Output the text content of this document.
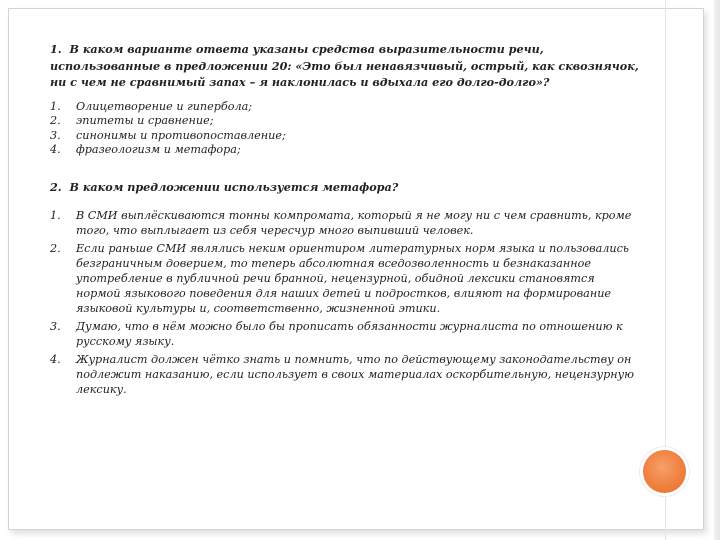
1. В каком варианте ответа указаны средства выразительности речи, использованные в предложении 20: «Это был ненавязчивый, острый, как сквознячок, ни с чем не сравнимый запах – я наклонилась и вдыхала его долго-долго»?

1. Олицетворение и гипербола;
2. эпитеты и сравнение;
3. синонимы и противопоставление;
4. фразеологизм и метафора;

2. В каком предложении используется метафора?

1. В СМИ выплёскиваются тонны компромата, который я не могу ни с чем сравнить, кроме того, что выплыгает из себя чересчур много выпивший человек.
2. Если раньше СМИ являлись неким ориентиром литературных норм языка и пользовались безграничным доверием, то теперь абсолютная вседозволенность и безнаказанное употребление в публичной речи бранной, нецензурной, обидной лексики становятся нормой языкового поведения для наших детей и подростков, влияют на формирование языковой культуры и, соответственно, жизненной этики.
3. Думаю, что в нём можно было бы прописать обязанности журналиста по отношению к русскому языку.
4. Журналист должен чётко знать и помнить, что по действующему законодательству он подлежит наказанию, если использует в своих материалах оскорбительную, нецензурную лексику.
